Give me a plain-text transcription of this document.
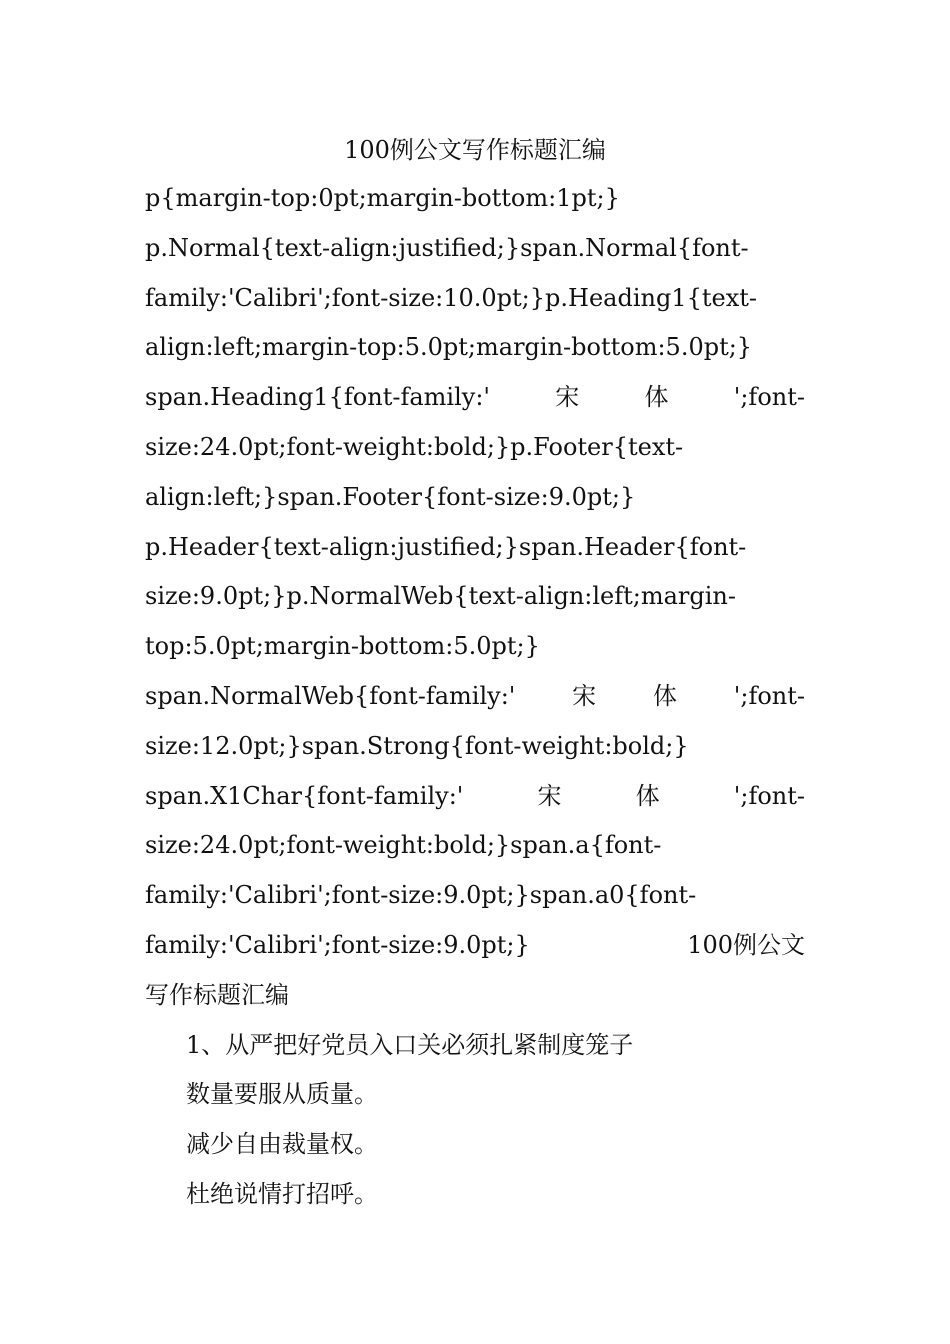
100例公文写作标题汇编
p{margin-top:0pt;margin-bottom:1pt;}
p.Normal{text-align:justified;}span.Normal{font-
family:'Calibri';font-size:10.0pt;}p.Heading1{text-
align:left;margin-top:5.0pt;margin-bottom:5.0pt;}
span.Heading1{font-family:'	宋	体	';font-
size:24.0pt;font-weight:bold;}p.Footer{text-
align:left;}span.Footer{font-size:9.0pt;}
p.Header{text-align:justified;}span.Header{font-
size:9.0pt;}p.NormalWeb{text-align:left;margin-
top:5.0pt;margin-bottom:5.0pt;}
span.NormalWeb{font-family:' 宋 体 ';font-
size:12.0pt;}span.Strong{font-weight:bold;}
span.X1Char{font-family:'	宋	体	';font-
size:24.0pt;font-weight:bold;}span.a{font-
family:'Calibri';font-size:9.0pt;}span.a0{font-
family:'Calibri';font-size:9.0pt;}	100例公文
写作标题汇编
1、从严把好党员入口关必须扎紧制度笼子
数量要服从质量。
减少自由裁量权。
杜绝说情打招呼。
